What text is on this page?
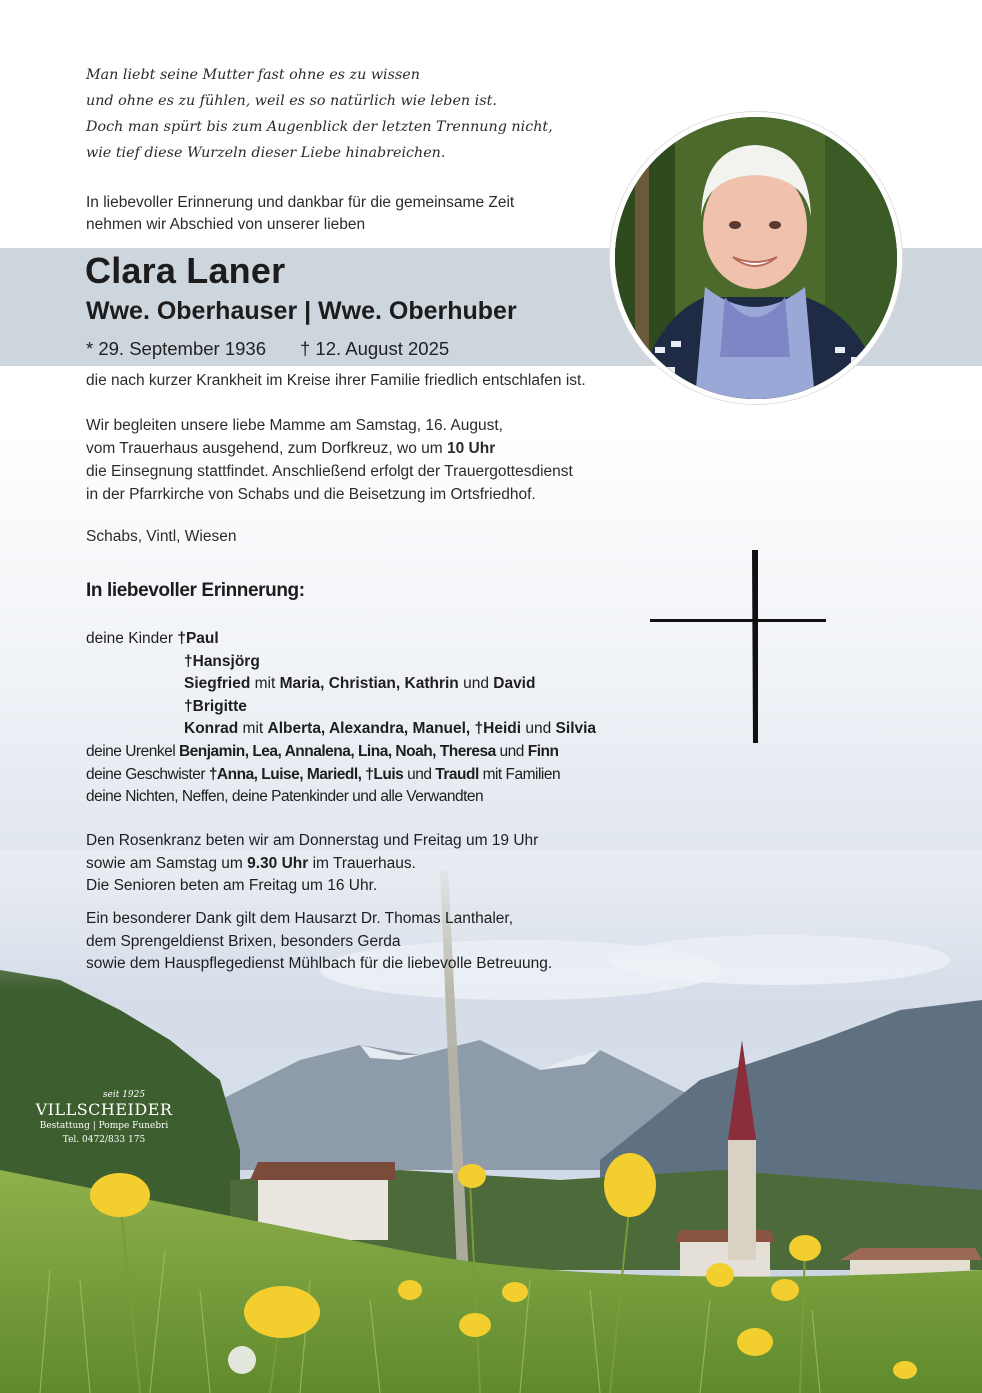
Man liebt seine Mutter fast ohne es zu wissen
und ohne es zu fühlen, weil es so natürlich wie leben ist.
Doch man spürt bis zum Augenblick der letzten Trennung nicht,
wie tief diese Wurzeln dieser Liebe hinabreichen.
In liebevoller Erinnerung und dankbar für die gemeinsame Zeit
nehmen wir Abschied von unserer lieben
Clara Laner
Wwe. Oberhauser | Wwe. Oberhuber
* 29. September 1936 † 12. August 2025
die nach kurzer Krankheit im Kreise ihrer Familie friedlich entschlafen ist.
Wir begleiten unsere liebe Mamme am Samstag, 16. August,
vom Trauerhaus ausgehend, zum Dorfkreuz, wo um 10 Uhr
die Einsegnung stattfindet. Anschließend erfolgt der Trauergottesdienst
in der Pfarrkirche von Schabs und die Beisetzung im Ortsfriedhof.
Schabs, Vintl, Wiesen
In liebevoller Erinnerung:
deine Kinder †Paul
†Hansjörg
Siegfried mit Maria, Christian, Kathrin und David
†Brigitte
Konrad mit Alberta, Alexandra, Manuel, †Heidi und Silvia
deine Urenkel Benjamin, Lea, Annalena, Lina, Noah, Theresa und Finn
deine Geschwister †Anna, Luise, Mariedl, †Luis und Traudl mit Familien
deine Nichten, Neffen, deine Patenkinder und alle Verwandten
Den Rosenkranz beten wir am Donnerstag und Freitag um 19 Uhr
sowie am Samstag um 9.30 Uhr im Trauerhaus.
Die Senioren beten am Freitag um 16 Uhr.
Ein besonderer Dank gilt dem Hausarzt Dr. Thomas Lanthaler,
dem Sprengeldienst Brixen, besonders Gerda
sowie dem Hauspflegedienst Mühlbach für die liebevolle Betreuung.
seit 1925
VILLSCHEIDER
Bestattung | Pompe Funebri
Tel. 0472/833 175
